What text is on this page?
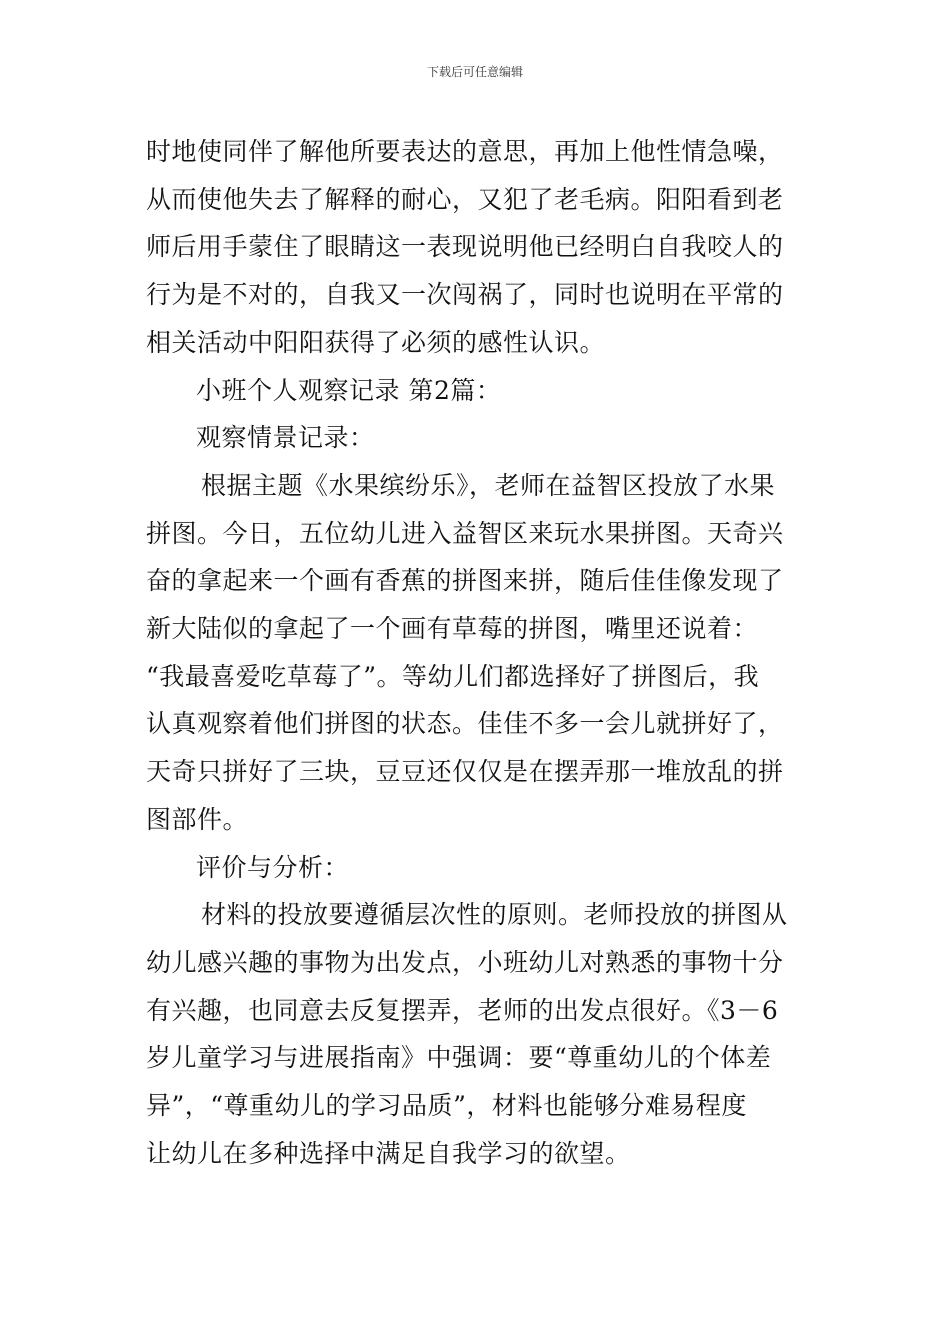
下载后可任意编辑

时地使同伴了解他所要表达的意思，再加上他性情急噪，
从而使他失去了解释的耐心，又犯了老毛病。阳阳看到老
师后用手蒙住了眼睛这一表现说明他已经明白自我咬人的
行为是不对的，自我又一次闯祸了，同时也说明在平常的
相关活动中阳阳获得了必须的感性认识。

小班个人观察记录 第2篇：

观察情景记录：

根据主题《水果缤纷乐》，老师在益智区投放了水果
拼图。今日，五位幼儿进入益智区来玩水果拼图。天奇兴
奋的拿起来一个画有香蕉的拼图来拼，随后佳佳像发现了
新大陆似的拿起了一个画有草莓的拼图，嘴里还说着：
“我最喜爱吃草莓了”。等幼儿们都选择好了拼图后，我
认真观察着他们拼图的状态。佳佳不多一会儿就拼好了，
天奇只拼好了三块，豆豆还仅仅是在摆弄那一堆放乱的拼
图部件。

评价与分析：

材料的投放要遵循层次性的原则。老师投放的拼图从
幼儿感兴趣的事物为出发点，小班幼儿对熟悉的事物十分
有兴趣，也同意去反复摆弄，老师的出发点很好。《3－6
岁儿童学习与进展指南》中强调：要“尊重幼儿的个体差
异”，“尊重幼儿的学习品质”，材料也能够分难易程度
让幼儿在多种选择中满足自我学习的欲望。
